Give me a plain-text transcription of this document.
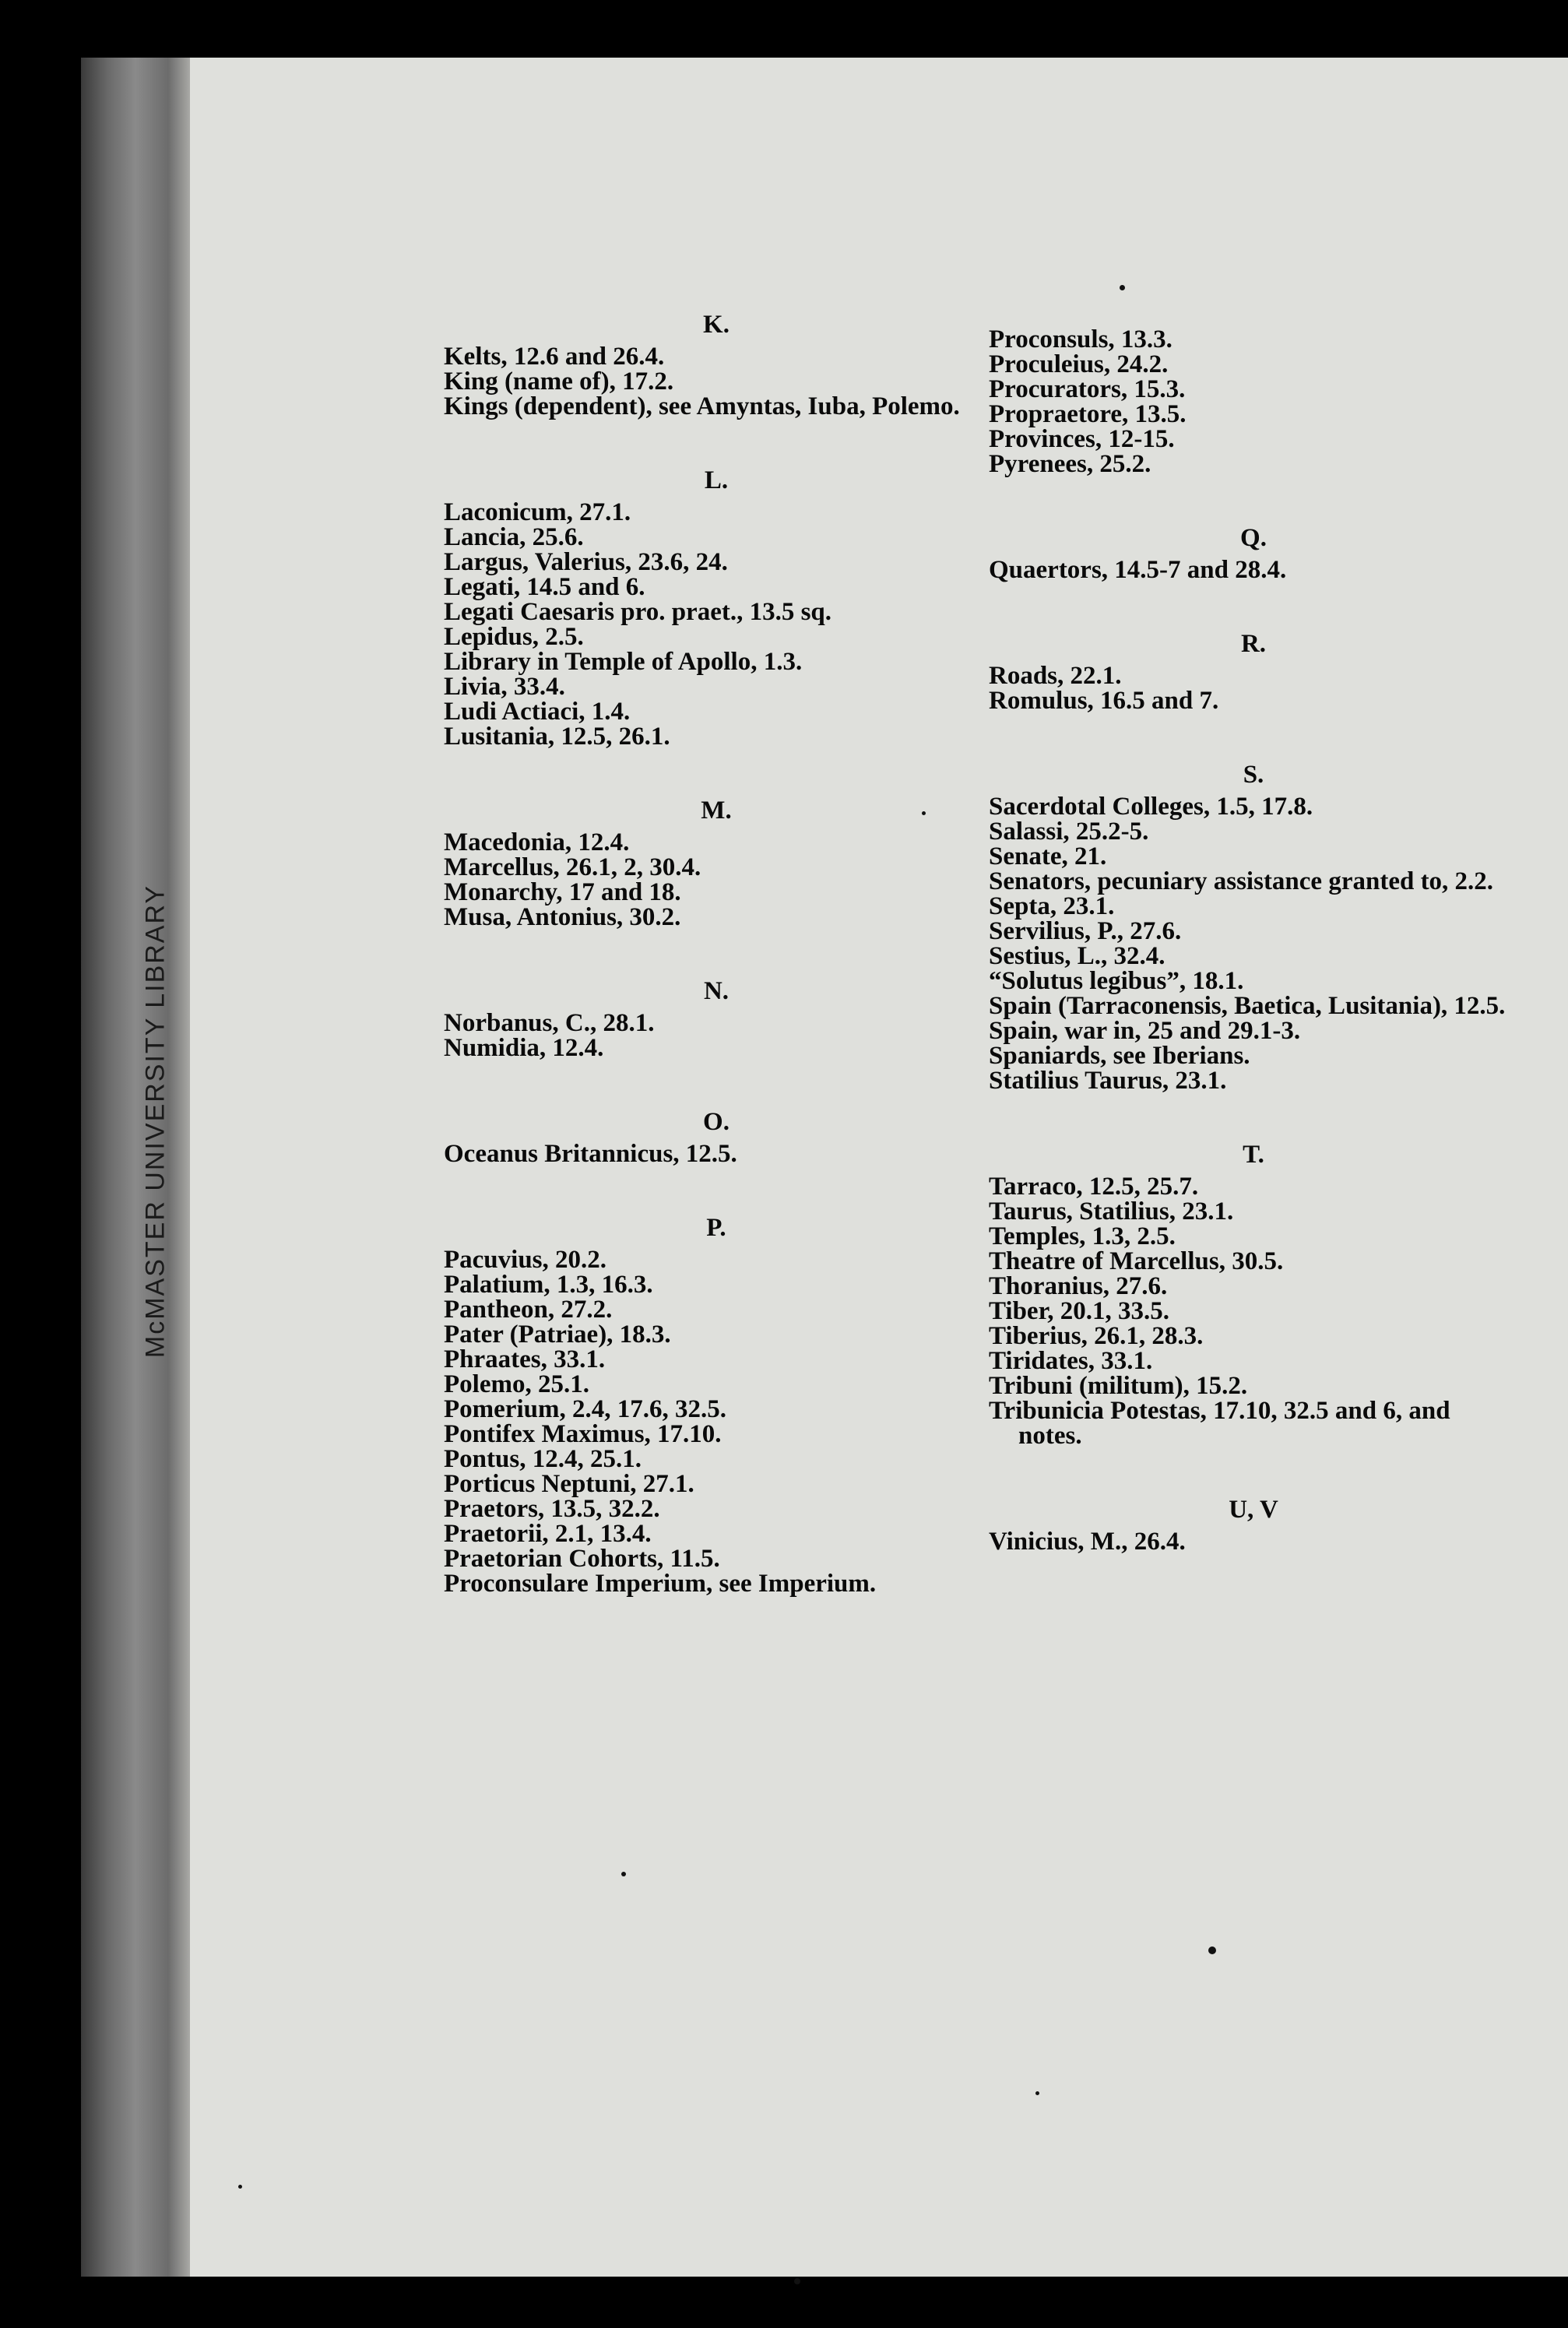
McMASTER UNIVERSITY LIBRARY
K.
Kelts, 12.6 and 26.4.
King (name of), 17.2.
Kings (dependent), see Amyntas, Iuba, Polemo.
L.
Laconicum, 27.1.
Lancia, 25.6.
Largus, Valerius, 23.6, 24.
Legati, 14.5 and 6.
Legati Caesaris pro. praet., 13.5 sq.
Lepidus, 2.5.
Library in Temple of Apollo, 1.3.
Livia, 33.4.
Ludi Actiaci, 1.4.
Lusitania, 12.5, 26.1.
M.
Macedonia, 12.4.
Marcellus, 26.1, 2, 30.4.
Monarchy, 17 and 18.
Musa, Antonius, 30.2.
N.
Norbanus, C., 28.1.
Numidia, 12.4.
O.
Oceanus Britannicus, 12.5.
P.
Pacuvius, 20.2.
Palatium, 1.3, 16.3.
Pantheon, 27.2.
Pater (Patriae), 18.3.
Phraates, 33.1.
Polemo, 25.1.
Pomerium, 2.4, 17.6, 32.5.
Pontifex Maximus, 17.10.
Pontus, 12.4, 25.1.
Porticus Neptuni, 27.1.
Praetors, 13.5, 32.2.
Praetorii, 2.1, 13.4.
Praetorian Cohorts, 11.5.
Proconsulare Imperium, see Imperium.
Proconsuls, 13.3.
Proculeius, 24.2.
Procurators, 15.3.
Propraetore, 13.5.
Provinces, 12-15.
Pyrenees, 25.2.
Q.
Quaertors, 14.5-7 and 28.4.
R.
Roads, 22.1.
Romulus, 16.5 and 7.
S.
Sacerdotal Colleges, 1.5, 17.8.
Salassi, 25.2-5.
Senate, 21.
Senators, pecuniary assistance granted to, 2.2.
Septa, 23.1.
Servilius, P., 27.6.
Sestius, L., 32.4.
“Solutus legibus”, 18.1.
Spain (Tarraconensis, Baetica, Lusitania), 12.5.
Spain, war in, 25 and 29.1-3.
Spaniards, see Iberians.
Statilius Taurus, 23.1.
T.
Tarraco, 12.5, 25.7.
Taurus, Statilius, 23.1.
Temples, 1.3, 2.5.
Theatre of Marcellus, 30.5.
Thoranius, 27.6.
Tiber, 20.1, 33.5.
Tiberius, 26.1, 28.3.
Tiridates, 33.1.
Tribuni (militum), 15.2.
Tribunicia Potestas, 17.10, 32.5 and 6, and notes.
U, V
Vinicius, M., 26.4.
